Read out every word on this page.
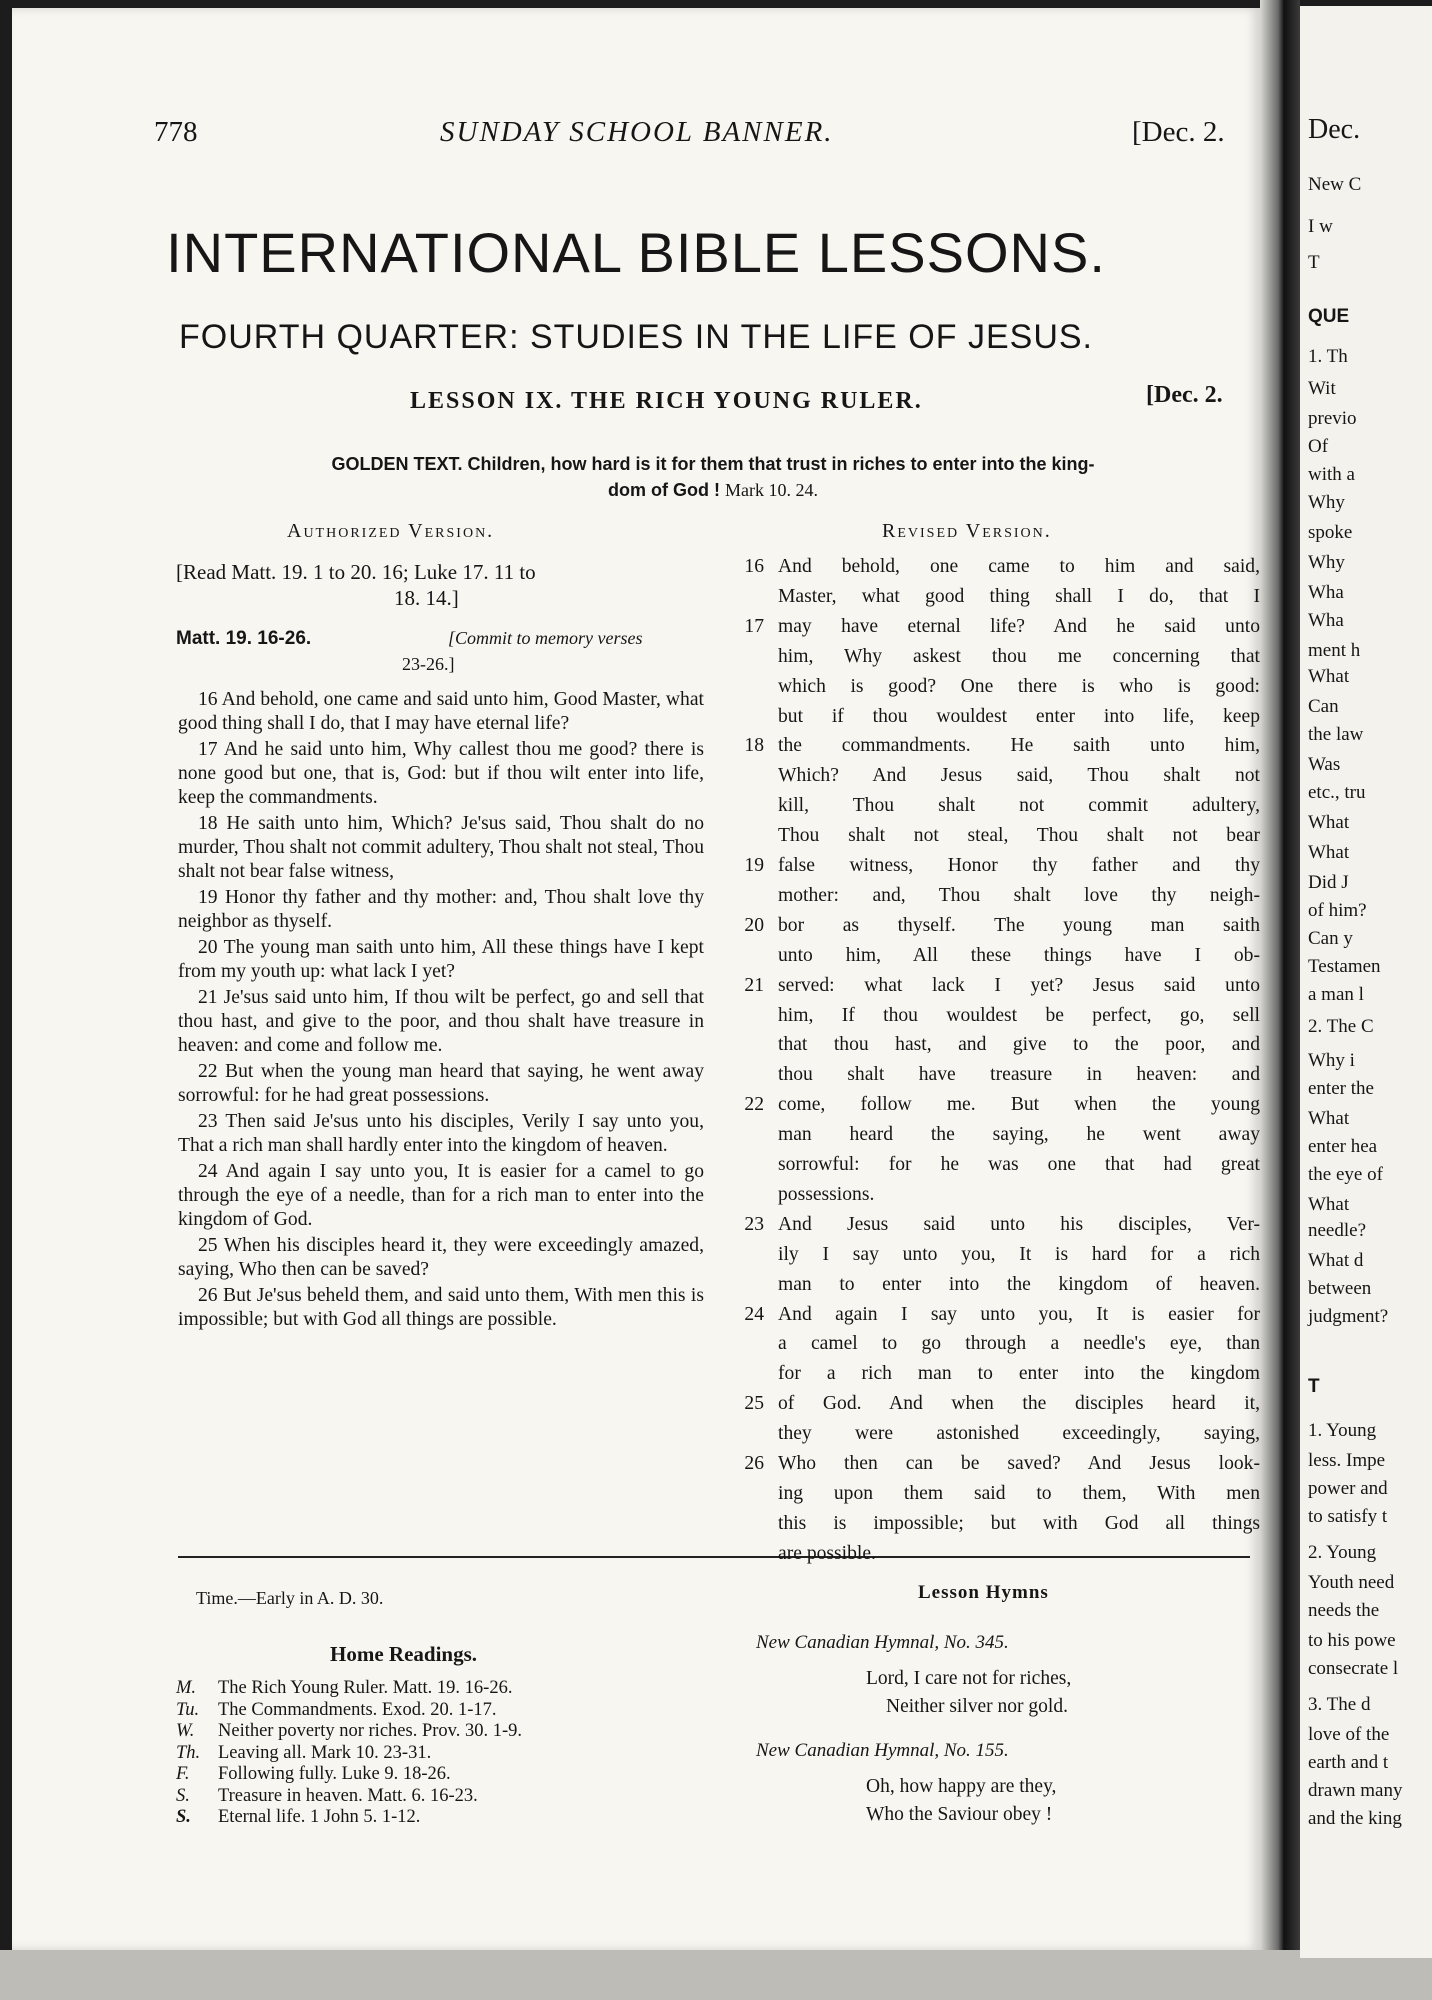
Dec.
New C
I w
T
QUE
1. Th
Wit
previo
Of
with a
Why
spoke
Why
Wha
Wha
ment h
What
Can
the law
Was
etc., tru
What
What
Did J
of him?
Can y
Testamen
a man l
2. The C
Why i
enter the
What
enter hea
the eye of
What
needle?
What d
between
judgment?
T
1. Young
less. Impe
power and
to satisfy t
2. Young
Youth need
needs the
to his powe
consecrate l
3. The d
love of the
earth and t
drawn many
and the king
778	SUNDAY SCHOOL BANNER.	[Dec. 2.
INTERNATIONAL BIBLE LESSONS.
FOURTH QUARTER: STUDIES IN THE LIFE OF JESUS.
LESSON IX. THE RICH YOUNG RULER.	[Dec. 2.
GOLDEN TEXT. Children, how hard is it for them that trust in riches to enter into the king-
dom of God ! Mark 10. 24.
Authorized Version.
[Read Matt. 19. 1 to 20. 16; Luke 17. 11 to
18. 14.]
Matt. 19. 16-26.	[Commit to memory verses
23-26.]

16 And behold, one came and said unto him, Good Master, what good thing shall I do, that I may have eternal life?

17 And he said unto him, Why callest thou me good? there is none good but one, that is, God: but if thou wilt enter into life, keep the commandments.

18 He saith unto him, Which? Je'sus said, Thou shalt do no murder, Thou shalt not commit adultery, Thou shalt not steal, Thou shalt not bear false witness,

19 Honor thy father and thy mother: and, Thou shalt love thy neighbor as thyself.

20 The young man saith unto him, All these things have I kept from my youth up: what lack I yet?

21 Je'sus said unto him, If thou wilt be perfect, go and sell that thou hast, and give to the poor, and thou shalt have treasure in heaven: and come and follow me.

22 But when the young man heard that saying, he went away sorrowful: for he had great possessions.

23 Then said Je'sus unto his disciples, Verily I say unto you, That a rich man shall hardly enter into the kingdom of heaven.

24 And again I say unto you, It is easier for a camel to go through the eye of a needle, than for a rich man to enter into the kingdom of God.

25 When his disciples heard it, they were exceedingly amazed, saying, Who then can be saved?

26 But Je'sus beheld them, and said unto them, With men this is impossible; but with God all things are possible.

Revised Version.
Time.—Early in A. D. 30.
Home Readings.
M. The Rich Young Ruler. Matt. 19. 16-26.
Tu. The Commandments. Exod. 20. 1-17.
W. Neither poverty nor riches. Prov. 30. 1-9.
Th. Leaving all. Mark 10. 23-31.
F. Following fully. Luke 9. 18-26.
S. Treasure in heaven. Matt. 6. 16-23.
S. Eternal life. 1 John 5. 1-12.
Lesson Hymns
New Canadian Hymnal, No. 345.
Lord, I care not for riches,
Neither silver nor gold.
New Canadian Hymnal, No. 155.
Oh, how happy are they,
Who the Saviour obey !
16 And behold, one came to him and said,
Master, what good thing shall I do, that I
17 may have eternal life? And he said unto
him, Why askest thou me concerning that
which is good? One there is who is good:
but if thou wouldest enter into life, keep
18 the commandments. He saith unto him,
Which? And Jesus said, Thou shalt not
kill, Thou shalt not commit adultery,
Thou shalt not steal, Thou shalt not bear
19 false witness, Honor thy father and thy
mother: and, Thou shalt love thy neigh-
20 bor as thyself. The young man saith
unto him, All these things have I ob-
21 served: what lack I yet? Jesus said unto
him, If thou wouldest be perfect, go, sell
that thou hast, and give to the poor, and
thou shalt have treasure in heaven: and
22 come, follow me. But when the young
man heard the saying, he went away
sorrowful: for he was one that had great
possessions.
23 And Jesus said unto his disciples, Ver-
ily I say unto you, It is hard for a rich
man to enter into the kingdom of heaven.
24 And again I say unto you, It is easier for
a camel to go through a needle's eye, than
for a rich man to enter into the kingdom
25 of God. And when the disciples heard it,
they were astonished exceedingly, saying,
26 Who then can be saved? And Jesus look-
ing upon them said to them, With men
this is impossible; but with God all things
are possible.
